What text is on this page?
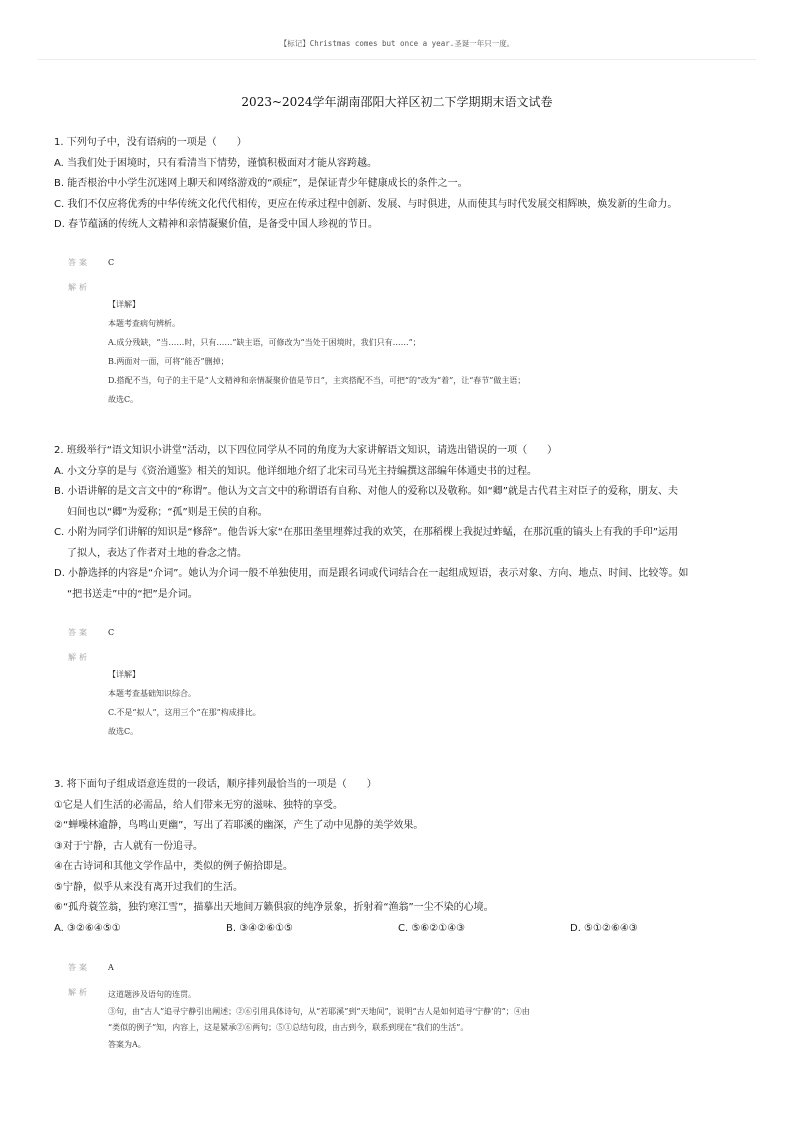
【标记】Christmas comes but once a year.圣诞一年只一度。
2023~2024学年湖南邵阳大祥区初二下学期期末语文试卷
1. 下列句子中，没有语病的一项是（　　）
A. 当我们处于困境时，只有看清当下情势，谨慎积极面对才能从容跨越。
B. 能否根治中小学生沉迷网上聊天和网络游戏的“顽症”，是保证青少年健康成长的条件之一。
C. 我们不仅应将优秀的中华传统文化代代相传，更应在传承过程中创新、发展、与时俱进，从而使其与时代发展交相辉映，焕发新的生命力。
D. 春节蕴涵的传统人文精神和亲情凝聚价值，是备受中国人珍视的节日。
答案 C
解析
【详解】
本题考查病句辨析。
A.成分残缺，“当……时，只有……”缺主语，可修改为“当处于困境时，我们只有……”；
B.两面对一面，可将“能否”删掉；
D.搭配不当，句子的主干是“人文精神和亲情凝聚价值是节日”，主宾搭配不当，可把“的”改为“着”，让“春节”做主语；
故选C。
2. 班级举行“语文知识小讲堂”活动，以下四位同学从不同的角度为大家讲解语文知识，请选出错误的一项（　　）
A. 小文分享的是与《资治通鉴》相关的知识。他详细地介绍了北宋司马光主持编撰这部编年体通史书的过程。
B. 小语讲解的是文言文中的“称谓”。他认为文言文中的称谓语有自称、对他人的爱称以及敬称。如“卿”就是古代君主对臣子的爱称，朋友、夫
妇间也以“卿”为爱称；“孤”则是王侯的自称。
C. 小附为同学们讲解的知识是“修辞”。他告诉大家“在那田垄里埋葬过我的欢笑，在那稻棵上我捉过蚱蜢，在那沉重的镐头上有我的手印”运用
了拟人，表达了作者对土地的眷念之情。
D. 小静选择的内容是“介词”。她认为介词一般不单独使用，而是跟名词或代词结合在一起组成短语，表示对象、方向、地点、时间、比较等。如
“把书送走”中的“把”是介词。
答案 C
解析
【详解】
本题考查基础知识综合。
C.不是“拟人”，这用三个“在那”构成排比。
故选C。
3. 将下面句子组成语意连贯的一段话，顺序排列最恰当的一项是（　　）
①它是人们生活的必需品，给人们带来无穷的滋味、独特的享受。
②“蝉噪林逾静，鸟鸣山更幽”，写出了若耶溪的幽深，产生了动中见静的美学效果。
③对于宁静，古人就有一份追寻。
④在古诗词和其他文学作品中，类似的例子俯拾即是。
⑤宁静，似乎从来没有离开过我们的生活。
⑥“孤舟蓑笠翁，独钓寒江雪”，描摹出天地间万籁俱寂的纯净景象，折射着“渔翁”一尘不染的心境。
A. ③②⑥④⑤①	B. ③④②⑥①⑤	C. ⑤⑥②①④③	D. ⑤①②⑥④③
答案 A
解析 这道题涉及语句的连贯。
③句，由“古人”追寻宁静引出阐述；②⑥引用具体诗句，从“若耶溪”到“天地间”，说明“古人是如何追寻‘宁静’的”；④由
“类似的例子”知，内容上，这是紧承②⑥两句；⑤①总结句段，由古到今，联系到现在“我们的生活”。
答案为A。
